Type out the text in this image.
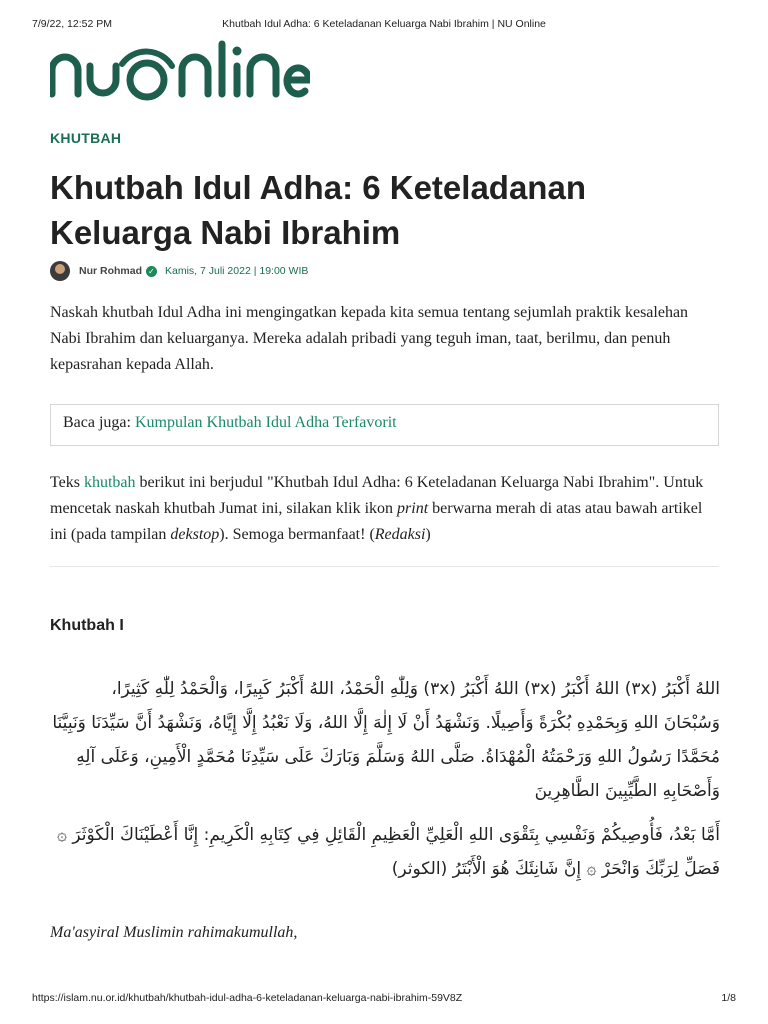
7/9/22, 12:52 PM	Khutbah Idul Adha: 6 Keteladanan Keluarga Nabi Ibrahim | NU Online
KHUTBAH
Khutbah Idul Adha: 6 Keteladanan Keluarga Nabi Ibrahim
Nur Rohmad ✓ Kamis, 7 Juli 2022 | 19:00 WIB

Naskah khutbah Idul Adha ini mengingatkan kepada kita semua tentang sejumlah praktik kesalehan Nabi Ibrahim dan keluarganya. Mereka adalah pribadi yang teguh iman, taat, berilmu, dan penuh kepasrahan kepada Allah.

Baca juga: Kumpulan Khutbah Idul Adha Terfavorit

Teks khutbah berikut ini berjudul "Khutbah Idul Adha: 6 Keteladanan Keluarga Nabi Ibrahim". Untuk mencetak naskah khutbah Jumat ini, silakan klik ikon print berwarna merah di atas atau bawah artikel ini (pada tampilan dekstop). Semoga bermanfaat! (Redaksi)

Khutbah I

اللهُ أَكْبَرُ (٣x) اللهُ أَكْبَرُ (٣x) اللهُ أَكْبَرُ (٣x) وَلِلّٰهِ الْحَمْدُ، اللهُ أَكْبَرُ كَبِيرًا، وَالْحَمْدُ لِلّٰهِ كَثِيرًا، وَسُبْحَانَ اللهِ وَبِحَمْدِهِ بُكْرَةً وَأَصِيلًا. وَنَشْهَدُ أَنْ لَا إِلٰهَ إِلَّا اللهُ، وَلَا نَعْبُدُ إِلَّا إِيَّاهُ، وَنَشْهَدُ أَنَّ سَيِّدَنَا وَنَبِيَّنَا مُحَمَّدًا رَسُولُ اللهِ وَرَحْمَتُهُ الْمُهْدَاةُ. صَلَّى اللهُ وَسَلَّمَ وَبَارَكَ عَلَى سَيِّدِنَا مُحَمَّدٍ الْأَمِينِ، وَعَلَى آلِهِ وَأَصْحَابِهِ الطَّيِّبِينَ الطَّاهِرِينَ

أَمَّا بَعْدُ، فَأُوصِيكُمْ وَنَفْسِي بِتَقْوَى اللهِ الْعَلِيِّ الْعَظِيمِ الْقَائِلِ فِي كِتَابِهِ الْكَرِيمِ: إِنَّا أَعْطَيْنَاكَ الْكَوْثَرَ ۞ فَصَلِّ لِرَبِّكَ وَانْحَرْ ۞ إِنَّ شَانِئَكَ هُوَ الْأَبْتَرُ (الكوثر)

Ma'asyiral Muslimin rahimakumullah,

https://islam.nu.or.id/khutbah/khutbah-idul-adha-6-keteladanan-keluarga-nabi-ibrahim-59V8Z	1/8
